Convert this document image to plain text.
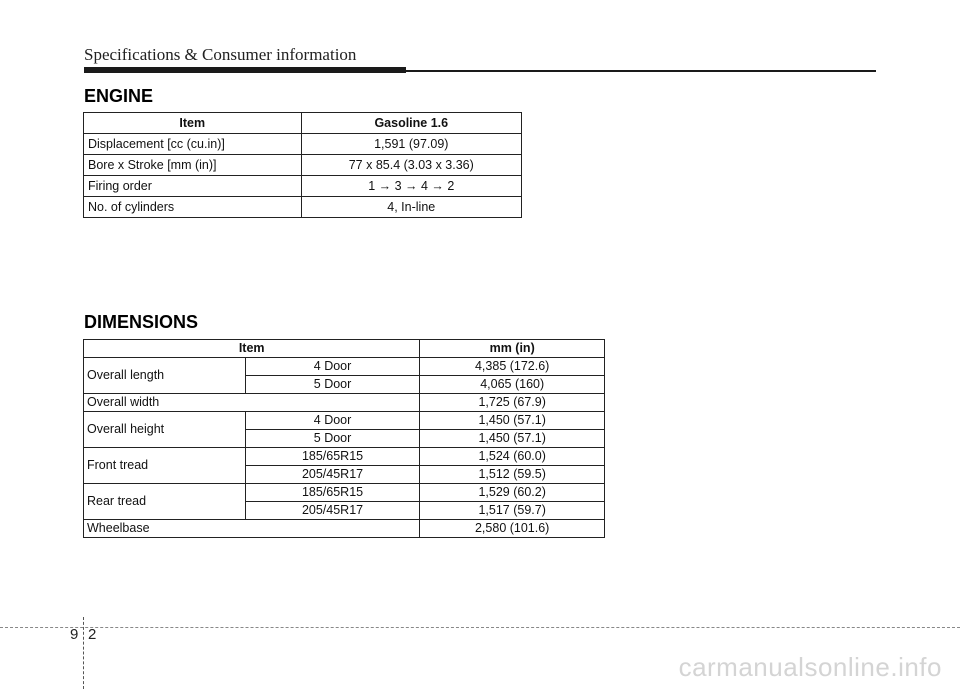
Specifications & Consumer information
ENGINE
Item	Gasoline 1.6
Displacement [cc (cu.in)]	1,591 (97.09)
Bore x Stroke [mm (in)]	77 x 85.4 (3.03 x 3.36)
Firing order	1 → 3 → 4 → 2
No. of cylinders	4, In-line
DIMENSIONS
Item		mm (in)
Overall length	4 Door	4,385 (172.6)
	5 Door	4,065 (160)
Overall width		1,725 (67.9)
Overall height	4 Door	1,450 (57.1)
	5 Door	1,450 (57.1)
Front tread	185/65R15	1,524 (60.0)
	205/45R17	1,512 (59.5)
Rear tread	185/65R15	1,529 (60.2)
	205/45R17	1,517 (59.7)
Wheelbase		2,580 (101.6)
9 2
carmanualsonline.info
